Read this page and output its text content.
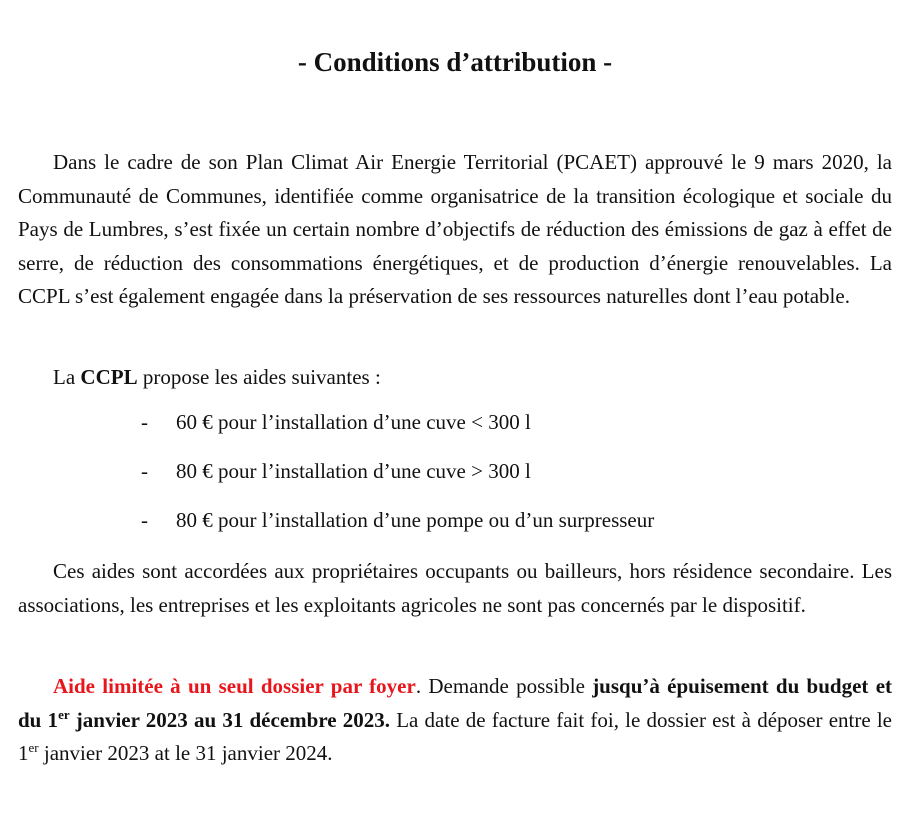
- Conditions d’attribution -

Dans le cadre de son Plan Climat Air Energie Territorial (PCAET) approuvé le 9 mars 2020, la Communauté de Communes, identifiée comme organisatrice de la transition écologique et sociale du Pays de Lumbres, s’est fixée un certain nombre d’objectifs de réduction des émissions de gaz à effet de serre, de réduction des consommations énergétiques, et de production d’énergie renouvelables. La CCPL s’est également engagée dans la préservation de ses ressources naturelles dont l’eau potable.

La CCPL propose les aides suivantes :

- 60 € pour l’installation d’une cuve < 300 l
- 80 € pour l’installation d’une cuve > 300 l
- 80 € pour l’installation d’une pompe ou d’un surpresseur

Ces aides sont accordées aux propriétaires occupants ou bailleurs, hors résidence secondaire. Les associations, les entreprises et les exploitants agricoles ne sont pas concernés par le dispositif.

Aide limitée à un seul dossier par foyer. Demande possible jusqu’à épuisement du budget et du 1er janvier 2023 au 31 décembre 2023. La date de facture fait foi, le dossier est à déposer entre le 1er janvier 2023 at le 31 janvier 2024.
